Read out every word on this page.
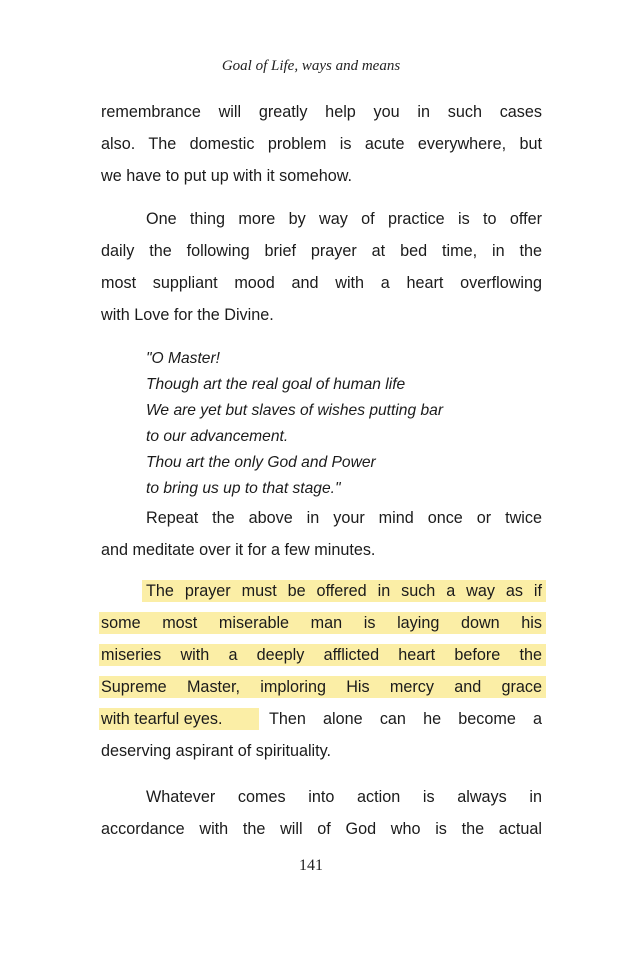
Goal of Life, ways and means
remembrance will greatly help you in such cases
also. The domestic problem is acute everywhere, but
we have to put up with it somehow.
One thing more by way of practice is to offer
daily the following brief prayer at bed time, in the
most suppliant mood and with a heart overflowing
with Love for the Divine.
"O Master!
Though art the real goal of human life
We are yet but slaves of wishes putting bar
to our advancement.
Thou art the only God and Power
to bring us up to that stage."
Repeat the above in your mind once or twice
and meditate over it for a few minutes.
The prayer must be offered in such a way as if
some most miserable man is laying down his
miseries with a deeply afflicted heart before the
Supreme Master, imploring His mercy and grace
with tearful eyes.	Then alone can he become a
deserving aspirant of spirituality.
Whatever comes into action is always in
accordance with the will of God who is the actual
141
